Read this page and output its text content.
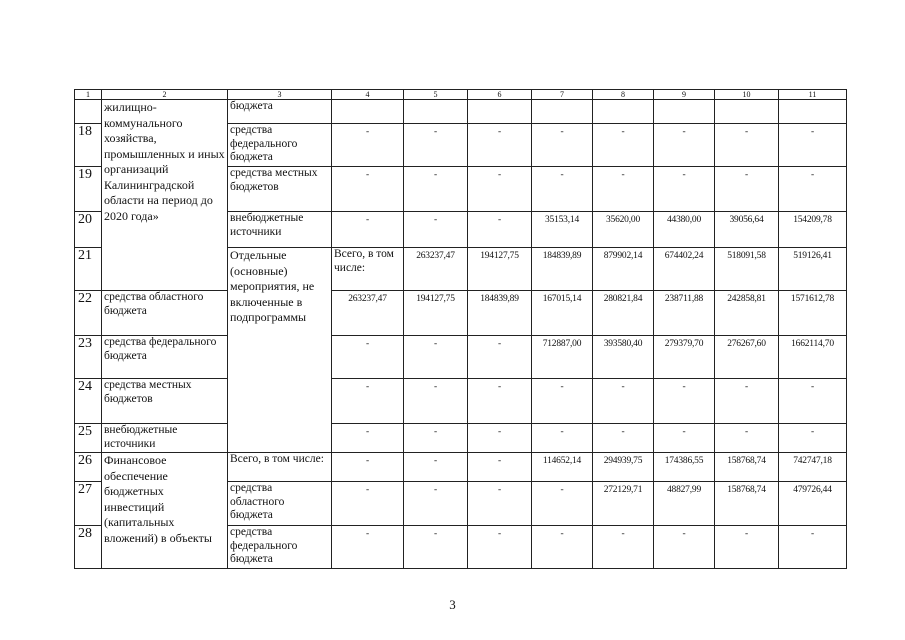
1	2	3	4	5	6	7	8	9	10	11	
	жилищно-коммунального хозяйства, промышленных и иных организаций Калининградской области на период до 2020 года»	бюджета									
18		средства федерального бюджета	-	-	-	-	-	-	-	-	
19		средства местных бюджетов	-	-	-	-	-	-	-	-	
20		внебюджетные источники	-	-	-	35153,14	35620,00	44380,00	39056,64	154209,78	
21		Отдельные (основные) мероприятия, не включенные в подпрограммы	Всего, в том числе:	263237,47	194127,75	184839,89	879902,14	674402,24	518091,58	519126,41	
22	средства областного бюджета		263237,47	194127,75	184839,89	167015,14	280821,84	238711,88	242858,81	1571612,78	
23	средства федерального бюджета		-	-	-	712887,00	393580,40	279379,70	276267,60	1662114,70	
24	средства местных бюджетов		-	-	-	-	-	-	-	-	
25	внебюджетные источники		-	-	-	-	-	-	-	-	
26	Финансовое обеспечение бюджетных инвестиций (капитальных вложений) в объекты	Всего, в том числе:	-	-	-	114652,14	294939,75	174386,55	158768,74	742747,18	
27		средства областного бюджета	-	-	-	-	272129,71	48827,99	158768,74	479726,44	
28		средства федерального бюджета	-	-	-	-	-	-	-	-	
3
